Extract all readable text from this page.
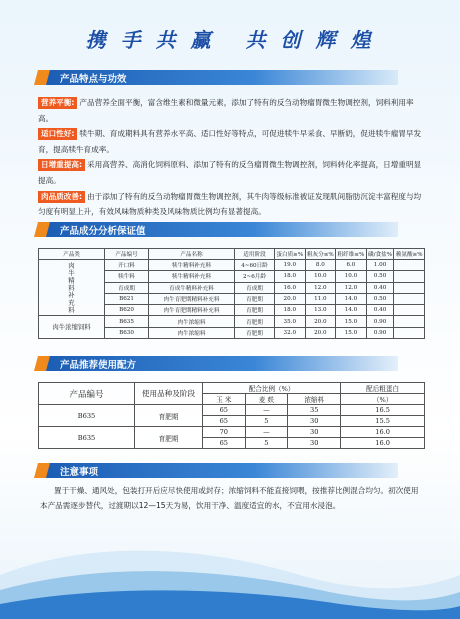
携 手 共 赢 共 创 辉 煌
产品特点与功效
营养平衡: 产品营养全面平衡，富含维生素和微量元素，添加了特有的反刍动物瘤胃微生物调控剂，饲料利用率高。
适口性好: 犊牛期、育成期料具有营养水平高、适口性好等特点，可促进犊牛早采食、早断奶，促进犊牛瘤胃早发育，提高犊牛育成率。
日增重提高: 采用高营养、高消化饲料原料、添加了特有的反刍瘤胃微生物调控剂，饲料转化率提高，日增重明显提高。
肉品质改善: 由于添加了特有的反刍动物瘤胃微生物调控剂，其牛肉等级标准被证发现肌间脂肪沉淀丰富程度与均匀度有明显上升，有效风味物质种类及风味物质比例均有显著提高。
产品成分分析保证值
产品类	产品编号	产品名称	适用阶段	蛋白质≥%	粗灰分≤%	粗纤维≤%	磷/食盐%	赖氨酸≥%
肉牛精料补充料	开口料	犊牛精料补充料	4~60日龄	19.0	8.0	6.0	1.00	
	犊牛料	犊牛精料补充料	2~6月龄	18.0	10.0	10.0	0.50	
	育成期	育成牛精料补充料	育成期	16.0	12.0	12.0	0.40	
	B621	肉牛育肥期精料补充料	育肥期	20.0	11.0	14.0	0.50	
	B620	肉牛育肥期精料补充料	育肥期	18.0	13.0	14.0	0.40	
肉牛浓缩饲料	B635	肉牛浓缩料	育肥期	35.0	20.0	15.0	0.90	
	B630	肉牛浓缩料	育肥期	32.0	20.0	15.0	0.90	
产品推荐使用配方
产品编号	使用品种及阶段	配合比例（%）			配后粗蛋白
		玉 米	麦 麸	浓缩料	（%）
B635	育肥期	65	—	35	16.5
		65	5	30	15.5
B635	育肥期	70	—	30	16.0
		65	5	30	16.0
注意事项
置于干燥、通风处，包装打开后应尽快使用或封存；浓缩饲料不能直接饲喂，按推荐比例混合均匀。初次使用本产品需逐步替代，过渡期以12—15天为易，饮用干净、温度适宜的水，不宜用水浸泡。
